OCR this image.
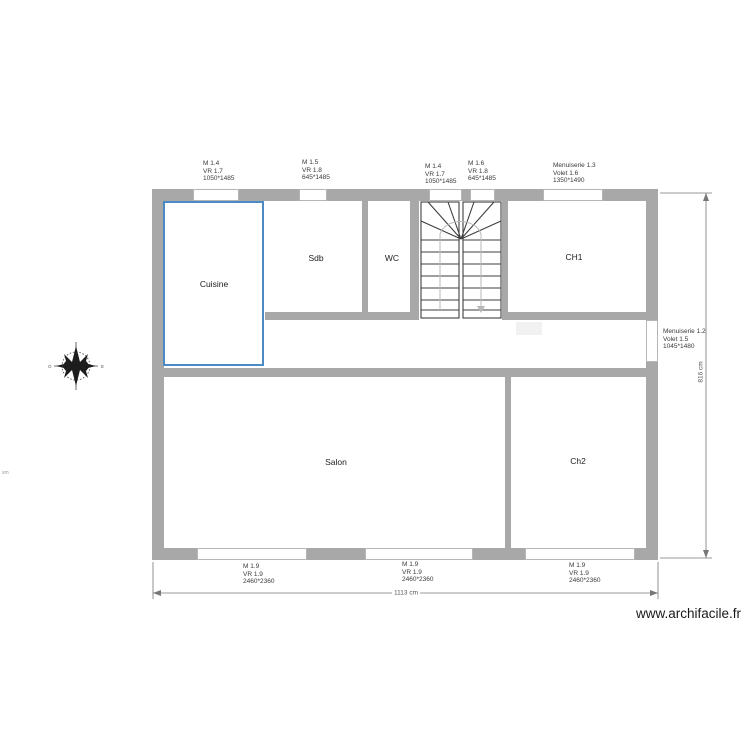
E
O
Cuisine
Sdb	WC	CH1
Salon	Ch2
M 1.4
VR 1.7
1050*1485
M 1.5
VR 1.8
645*1485
M 1.4
VR 1.7
1050*1485
M 1.6
VR 1.8
645*1485
Menuiserie 1.3
Volet 1.6
1350*1490
Menuiserie 1.2
Volet 1.5
1045*1480
M 1.9
VR 1.9
2460*2360
M 1.9
VR 1.9
2460*2360
M 1.9
VR 1.9
2460*2360
1113 cm
816 cm
sm
www.archifacile.fr
